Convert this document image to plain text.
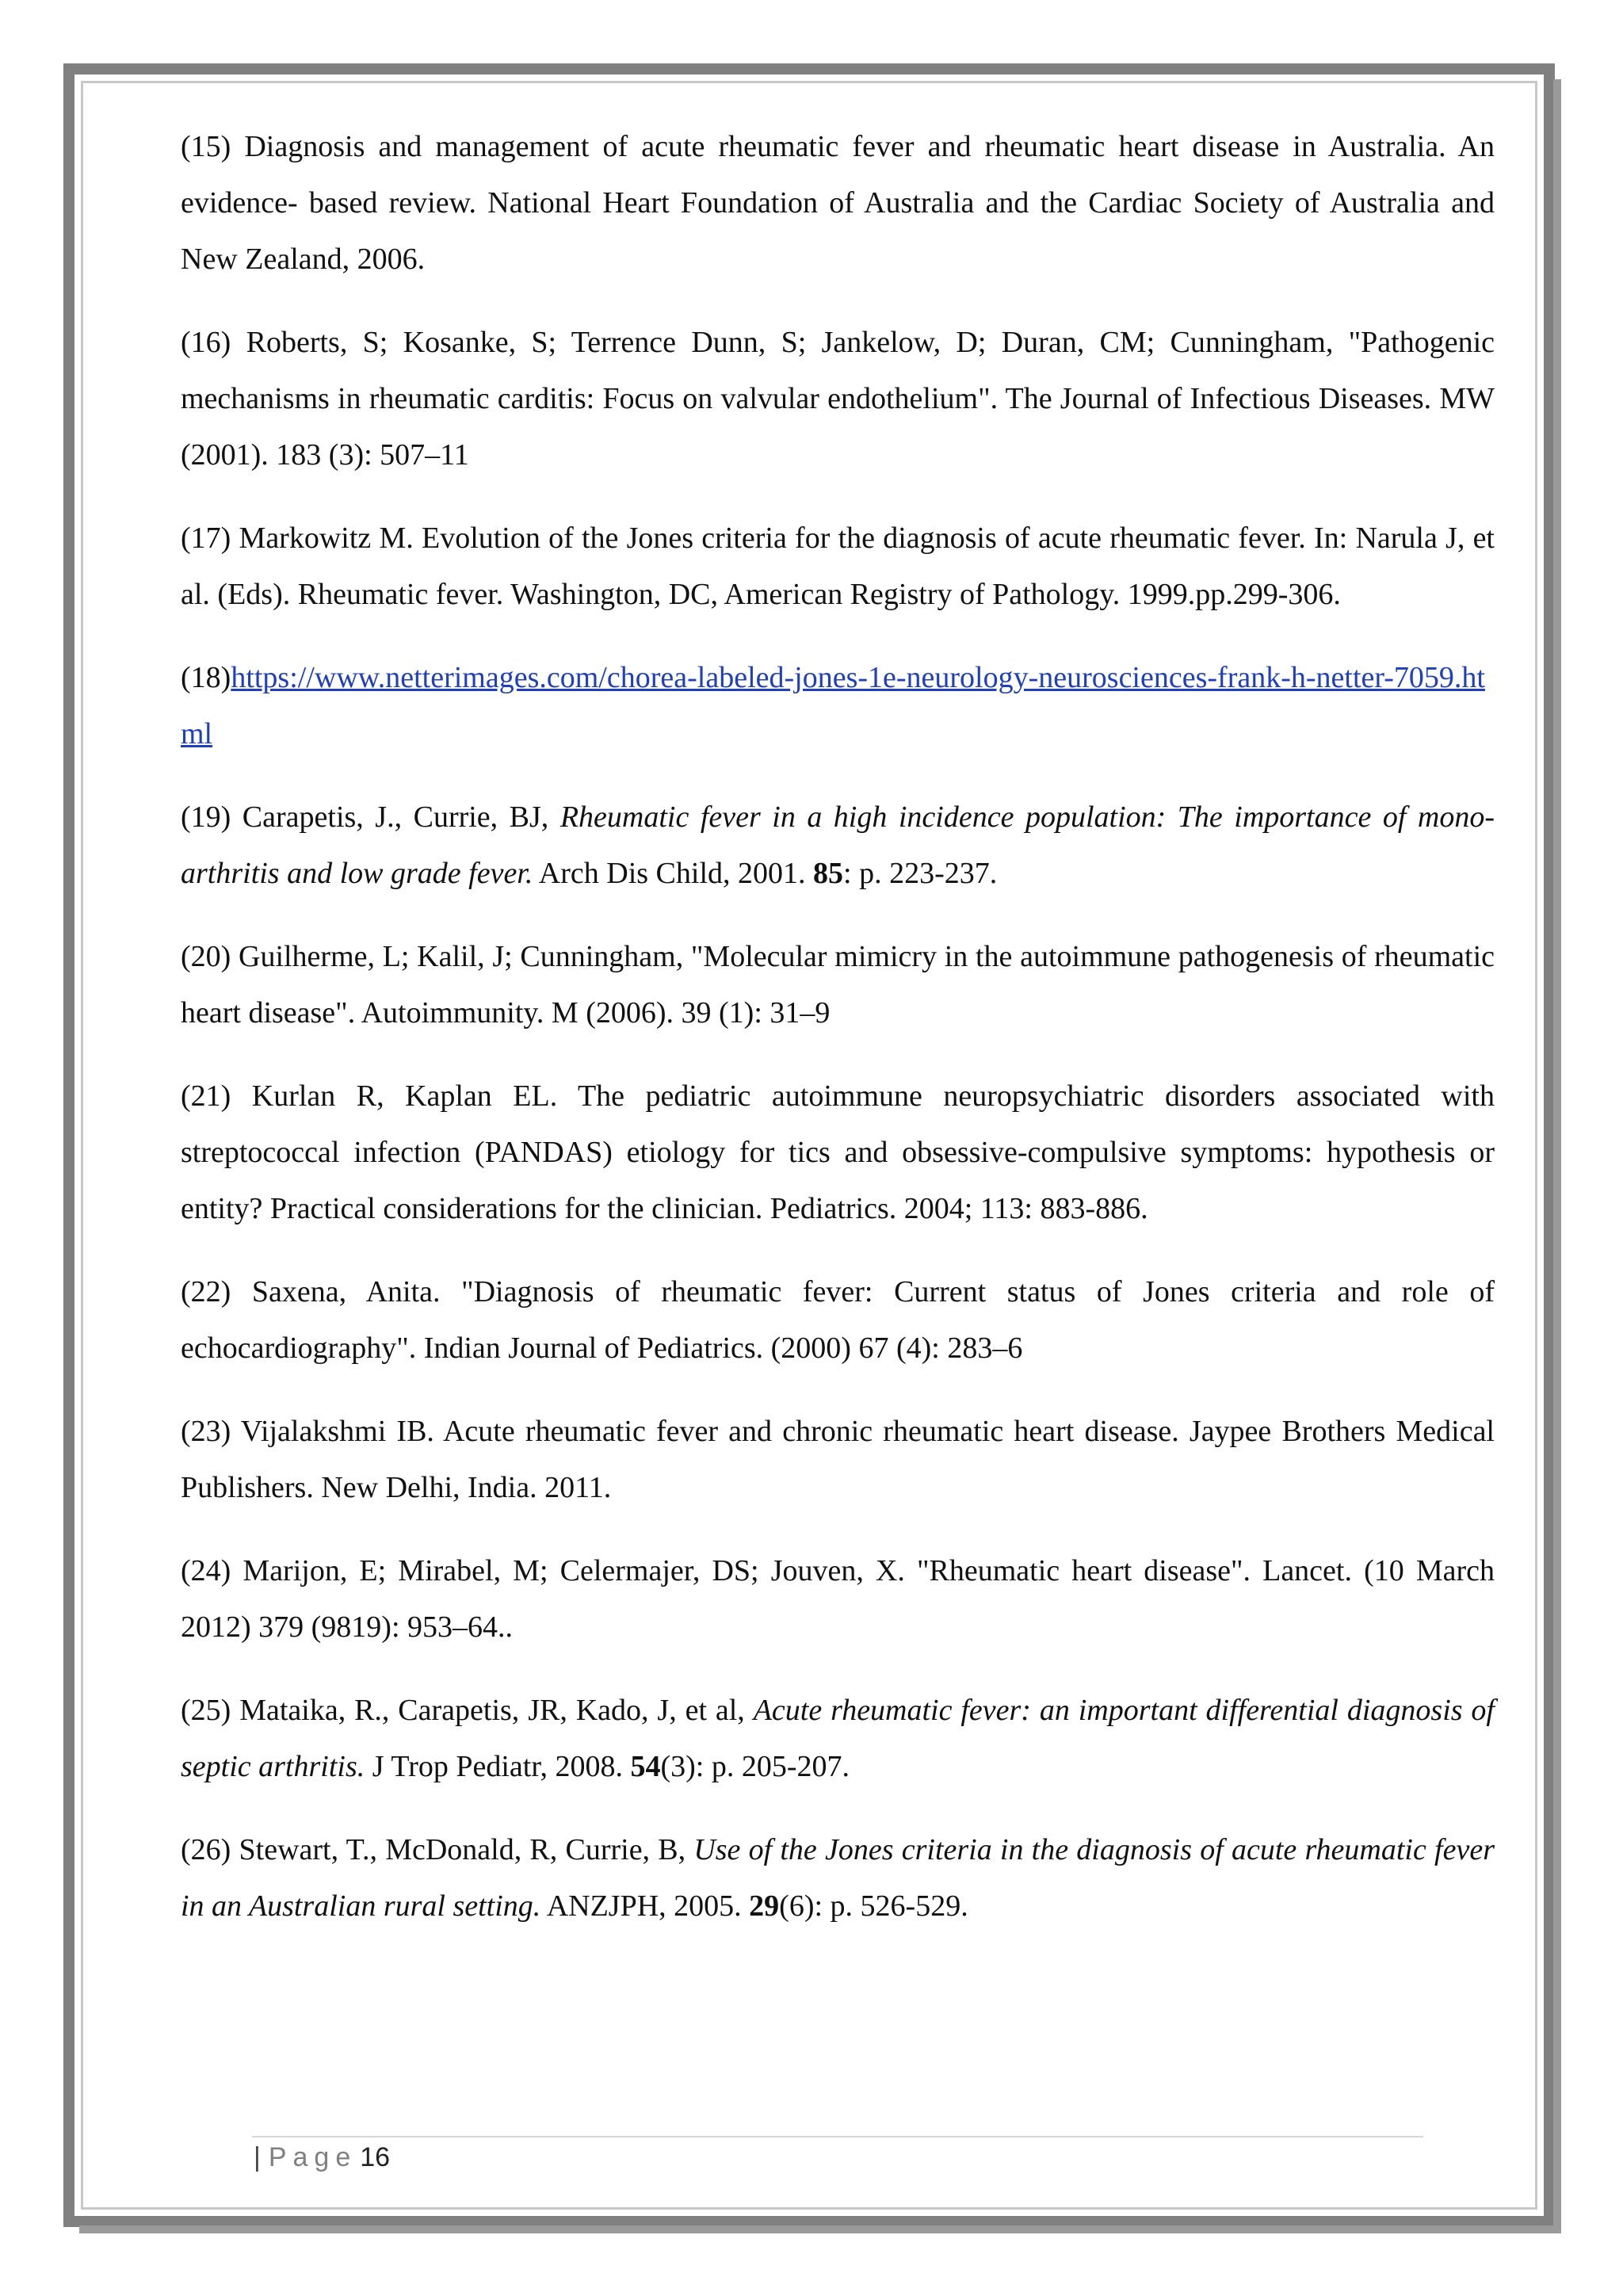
(15) Diagnosis and management of acute rheumatic fever and rheumatic heart disease in Australia. An evidence- based review. National Heart Foundation of Australia and the Cardiac Society of Australia and New Zealand, 2006.

(16) Roberts, S; Kosanke, S; Terrence Dunn, S; Jankelow, D; Duran, CM; Cunningham, "Pathogenic mechanisms in rheumatic carditis: Focus on valvular endothelium". The Journal of Infectious Diseases. MW (2001). 183 (3): 507–11

(17) Markowitz M. Evolution of the Jones criteria for the diagnosis of acute rheumatic fever. In: Narula J, et al. (Eds). Rheumatic fever. Washington, DC, American Registry of Pathology. 1999.pp.299-306.

(18)https://www.netterimages.com/chorea-labeled-jones-1e-neurology-neurosciences-frank-h-netter-7059.html

(19) Carapetis, J., Currie, BJ, Rheumatic fever in a high incidence population: The importance of mono-arthritis and low grade fever. Arch Dis Child, 2001. 85: p. 223-237.

(20) Guilherme, L; Kalil, J; Cunningham, "Molecular mimicry in the autoimmune pathogenesis of rheumatic heart disease". Autoimmunity. M (2006). 39 (1): 31–9

(21) Kurlan R, Kaplan EL. The pediatric autoimmune neuropsychiatric disorders associated with streptococcal infection (PANDAS) etiology for tics and obsessive-compulsive symptoms: hypothesis or entity? Practical considerations for the clinician. Pediatrics. 2004; 113: 883-886.

(22) Saxena, Anita. "Diagnosis of rheumatic fever: Current status of Jones criteria and role of echocardiography". Indian Journal of Pediatrics. (2000) 67 (4): 283–6

(23) Vijalakshmi IB. Acute rheumatic fever and chronic rheumatic heart disease. Jaypee Brothers Medical Publishers. New Delhi, India. 2011.

(24) Marijon, E; Mirabel, M; Celermajer, DS; Jouven, X. "Rheumatic heart disease". Lancet. (10 March 2012) 379 (9819): 953–64..

(25) Mataika, R., Carapetis, JR, Kado, J, et al, Acute rheumatic fever: an important differential diagnosis of septic arthritis. J Trop Pediatr, 2008. 54(3): p. 205-207.

(26) Stewart, T., McDonald, R, Currie, B, Use of the Jones criteria in the diagnosis of acute rheumatic fever in an Australian rural setting. ANZJPH, 2005. 29(6): p. 526-529.

| Page 16
